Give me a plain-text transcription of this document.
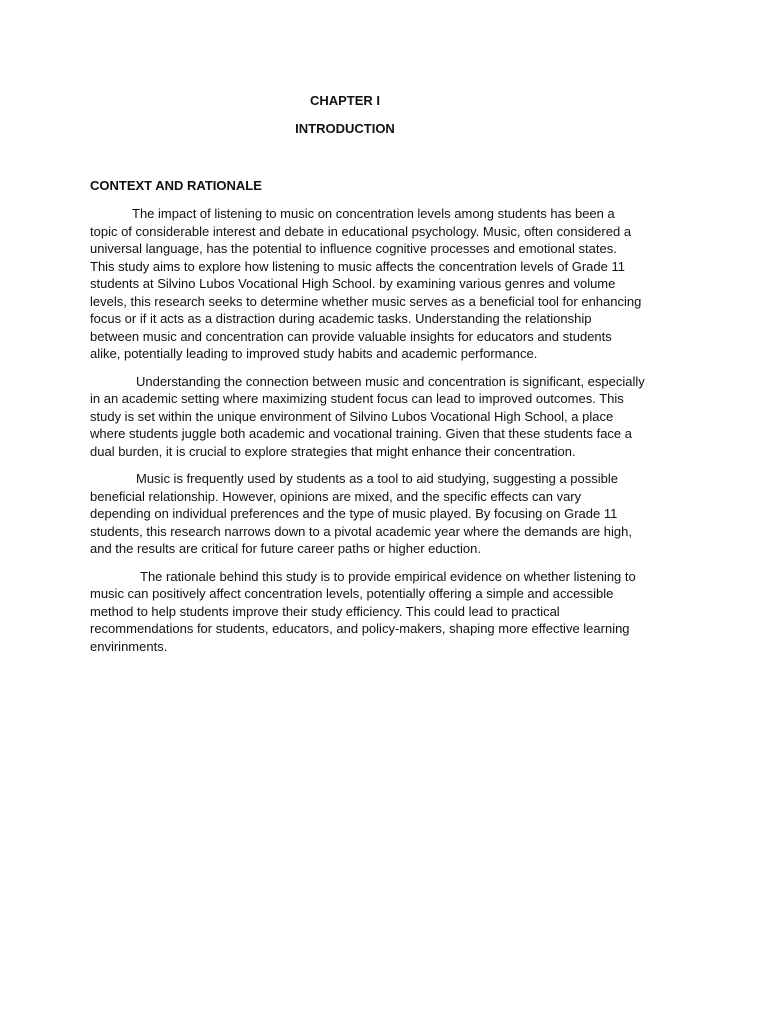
CHAPTER I
INTRODUCTION
CONTEXT AND RATIONALE

The impact of listening to music on concentration levels among students has been a
topic of considerable interest and debate in educational psychology. Music, often considered a
universal language, has the potential to influence cognitive processes and emotional states.
This study aims to explore how listening to music affects the concentration levels of Grade 11
students at Silvino Lubos Vocational High School. by examining various genres and volume
levels, this research seeks to determine whether music serves as a beneficial tool for enhancing
focus or if it acts as a distraction during academic tasks. Understanding the relationship
between music and concentration can provide valuable insights for educators and students
alike, potentially leading to improved study habits and academic performance.

Understanding the connection between music and concentration is significant, especially
in an academic setting where maximizing student focus can lead to improved outcomes. This
study is set within the unique environment of Silvino Lubos Vocational High School, a place
where students juggle both academic and vocational training. Given that these students face a
dual burden, it is crucial to explore strategies that might enhance their concentration.

Music is frequently used by students as a tool to aid studying, suggesting a possible
beneficial relationship. However, opinions are mixed, and the specific effects can vary
depending on individual preferences and the type of music played. By focusing on Grade 11
students, this research narrows down to a pivotal academic year where the demands are high,
and the results are critical for future career paths or higher eduction.

The rationale behind this study is to provide empirical evidence on whether listening to
music can positively affect concentration levels, potentially offering a simple and accessible
method to help students improve their study efficiency. This could lead to practical
recommendations for students, educators, and policy-makers, shaping more effective learning
envirinments.
